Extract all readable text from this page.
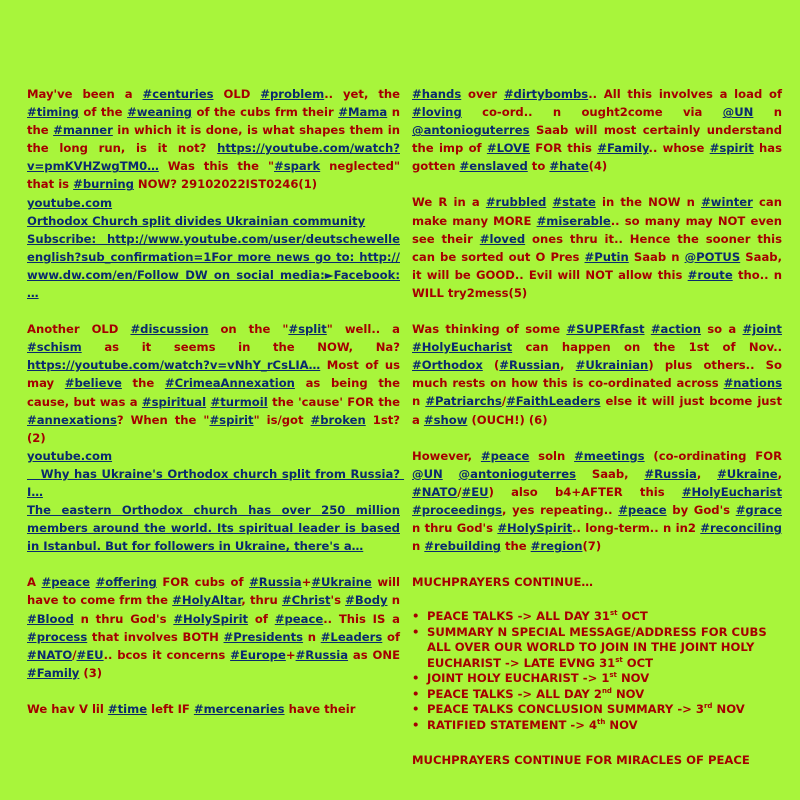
May've been a #centuries OLD #problem.. yet, the #timing of the #weaning of the cubs frm their #Mama n the #manner in which it is done, is what shapes them in the long run, is it not? https://youtube.com/watch?v=pmKVHZwgTM0… Was this the "#spark neglected" that is #burning NOW? 29102022IST0246(1)

youtube.com
Orthodox Church split divides Ukrainian community
Subscribe: http://www.youtube.com/user/deutschewelleenglish?sub_confirmation=1For more news go to: http://www.dw.com/en/Follow DW on social media:►Facebook: …

Another OLD #discussion on the "#split" well.. a #schism as it seems in the NOW, Na? https://youtube.com/watch?v=vNhY_rCsLIA… Most of us may #believe the #CrimeaAnnexation as being the cause, but was a #spiritual #turmoil the 'cause' FOR the #annexations? When the "#spirit" is/got #broken 1st?(2)

youtube.com
Why has Ukraine's Orthodox church split from Russia? I…
The eastern Orthodox church has over 250 million members around the world. Its spiritual leader is based in Istanbul. But for followers in Ukraine, there's a…

A #peace #offering FOR cubs of #Russia+#Ukraine will have to come frm the #HolyAltar, thru #Christ's #Body n #Blood n thru God's #HolySpirit of #peace.. This IS a #process that involves BOTH #Presidents n #Leaders of #NATO/#EU.. bcos it concerns #Europe+#Russia as ONE #Family (3)

We hav V lil #time left IF #mercenaries have their

#hands over #dirtybombs.. All this involves a load of #loving co-ord.. n ought2come via @UN n @antonioguterres Saab will most certainly understand the imp of #LOVE FOR this #Family.. whose #spirit has gotten #enslaved to #hate(4)

We R in a #rubbled #state in the NOW n #winter can make many MORE #miserable.. so many may NOT even see their #loved ones thru it.. Hence the sooner this can be sorted out O Pres #Putin Saab n @POTUS Saab, it will be GOOD.. Evil will NOT allow this #route tho.. n WILL try2mess(5)

Was thinking of some #SUPERfast #action so a #joint #HolyEucharist can happen on the 1st of Nov.. #Orthodox (#Russian, #Ukrainian) plus others.. So much rests on how this is co-ordinated across #nations n #Patriarchs/#FaithLeaders else it will just bcome just a #show (OUCH!) (6)

However, #peace soln #meetings (co-ordinating FOR @UN @antonioguterres Saab, #Russia, #Ukraine, #NATO/#EU) also b4+AFTER this #HolyEucharist #proceedings, yes repeating.. #peace by God's #grace n thru God's #HolySpirit.. long-term.. n in2 #reconciling n #rebuilding the #region(7)

MUCHPRAYERS CONTINUE…
• PEACE TALKS -> ALL DAY 31st OCT
• SUMMARY N SPECIAL MESSAGE/ADDRESS FOR CUBS ALL OVER OUR WORLD TO JOIN IN THE JOINT HOLY EUCHARIST -> LATE EVNG 31st OCT
• JOINT HOLY EUCHARIST -> 1st NOV
• PEACE TALKS -> ALL DAY 2nd NOV
• PEACE TALKS CONCLUSION SUMMARY -> 3rd NOV
• RATIFIED STATEMENT -> 4th NOV
MUCHPRAYERS CONTINUE FOR MIRACLES OF PEACE
